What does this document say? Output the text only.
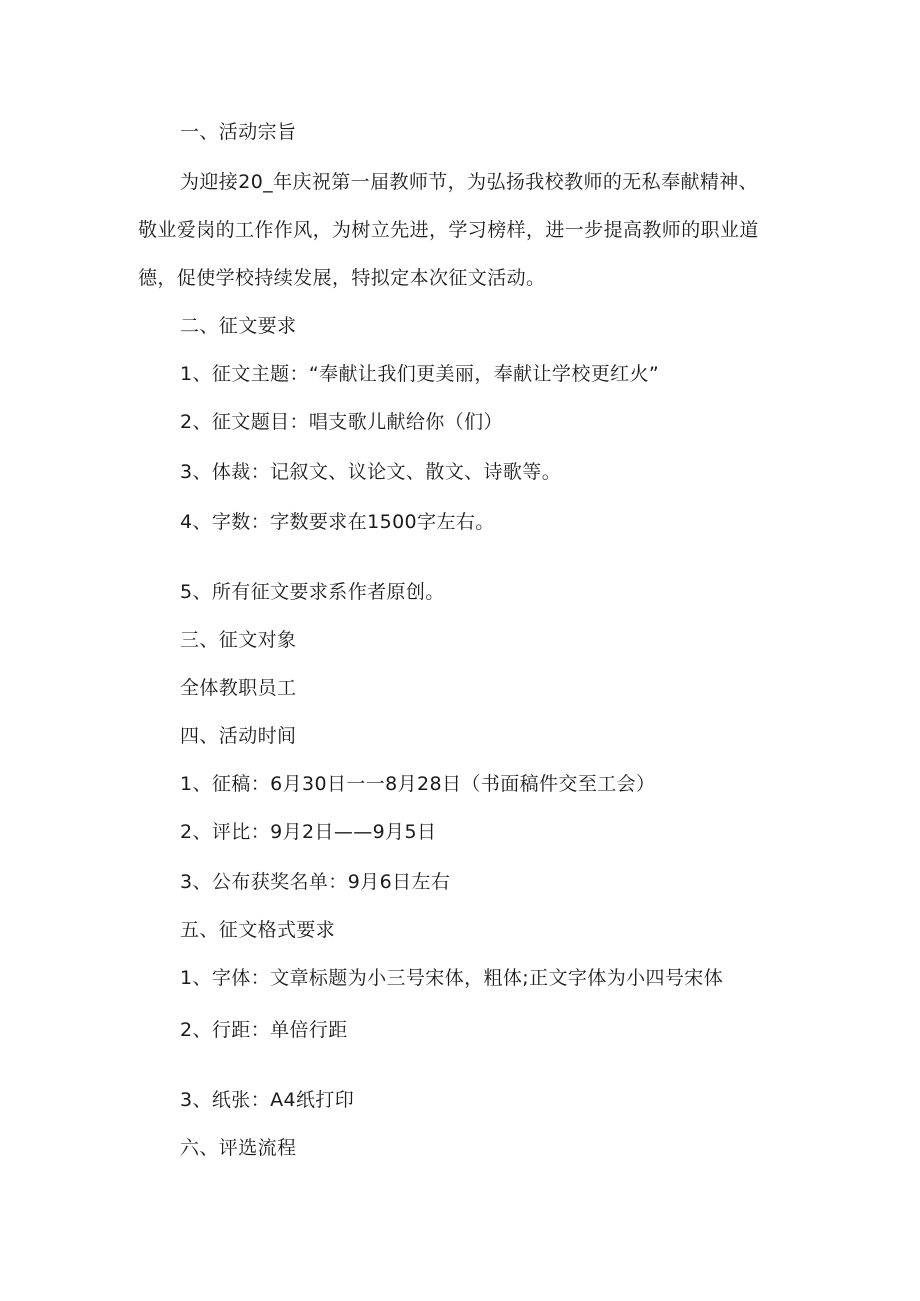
一、活动宗旨
为迎接20_年庆祝第一届教师节，为弘扬我校教师的无私奉献精神、
敬业爱岗的工作作风，为树立先进，学习榜样，进一步提高教师的职业道
德，促使学校持续发展，特拟定本次征文活动。
二、征文要求
1、征文主题：“奉献让我们更美丽，奉献让学校更红火”
2、征文题目：唱支歌儿献给你（们）
3、体裁：记叙文、议论文、散文、诗歌等。
4、字数：字数要求在1500字左右。
5、所有征文要求系作者原创。
三、征文对象
全体教职员工
四、活动时间
1、征稿：6月30日一一8月28日（书面稿件交至工会）
2、评比：9月2日——9月5日
3、公布获奖名单：9月6日左右
五、征文格式要求
1、字体：文章标题为小三号宋体，粗体;正文字体为小四号宋体
2、行距：单倍行距
3、纸张：A4纸打印
六、评选流程
